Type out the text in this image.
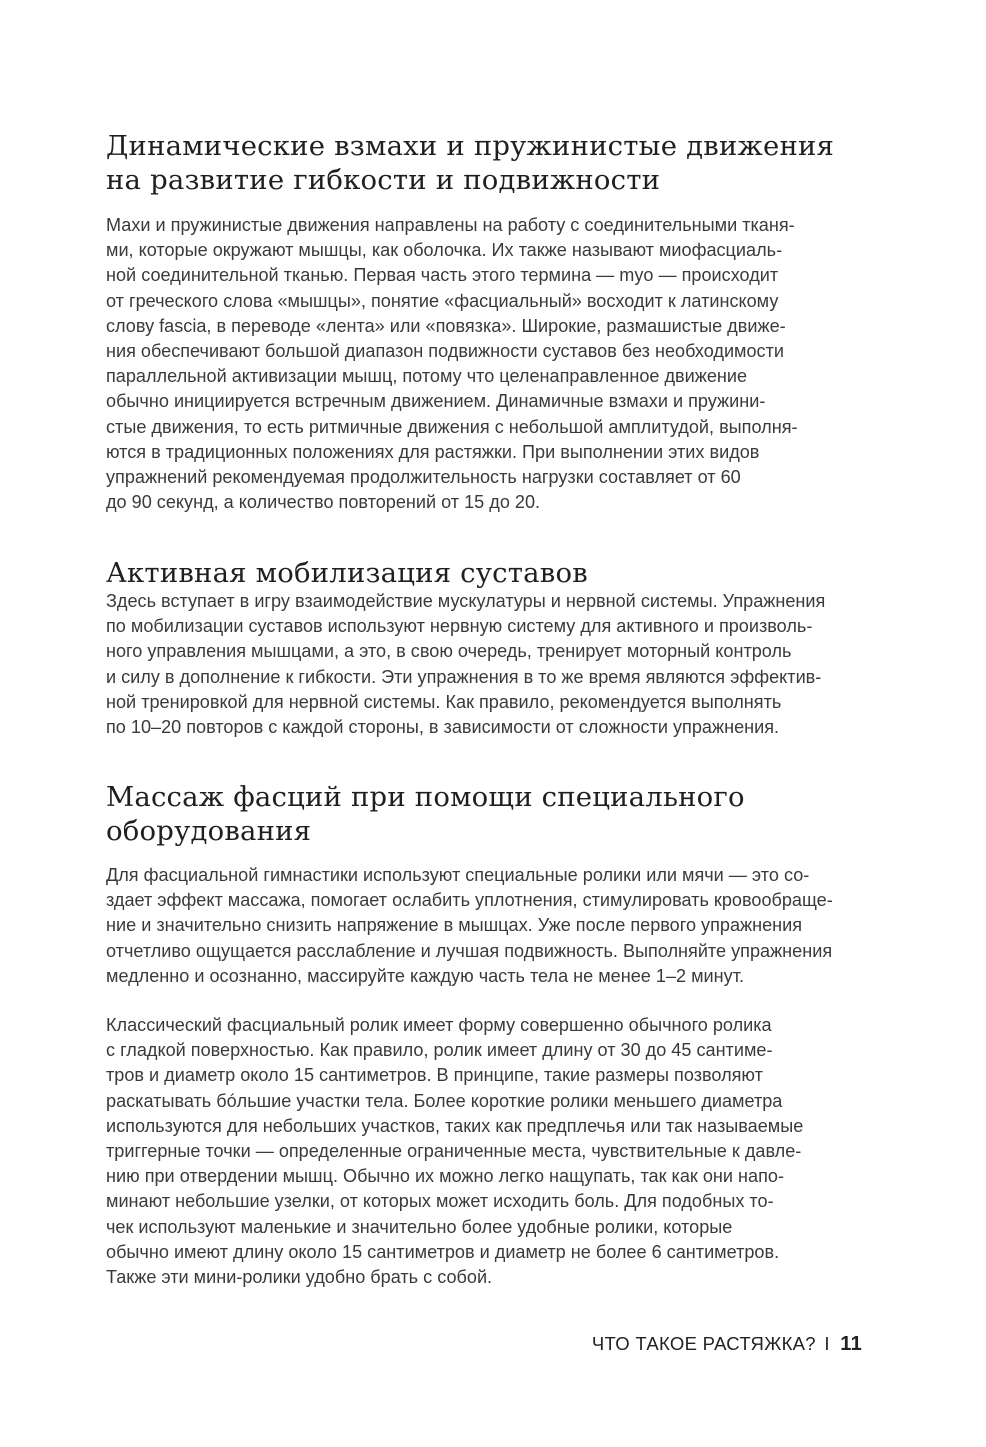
Динамические взмахи и пружинистые движения
на развитие гибкости и подвижности
Махи и пружинистые движения направлены на работу с соединительными тканя-
ми, которые окружают мышцы, как оболочка. Их также называют миофасциаль-
ной соединительной тканью. Первая часть этого термина — myo — происходит
от греческого слова «мышцы», понятие «фасциальный» восходит к латинскому
слову fascia, в переводе «лента» или «повязка». Широкие, размашистые движе-
ния обеспечивают большой диапазон подвижности суставов без необходимости
параллельной активизации мышц, потому что целенаправленное движение
обычно инициируется встречным движением. Динамичные взмахи и пружини-
стые движения, то есть ритмичные движения с небольшой амплитудой, выполня-
ются в традиционных положениях для растяжки. При выполнении этих видов
упражнений рекомендуемая продолжительность нагрузки составляет от 60
до 90 секунд, а количество повторений от 15 до 20.
Активная мобилизация суставов
Здесь вступает в игру взаимодействие мускулатуры и нервной системы. Упражнения
по мобилизации суставов используют нервную систему для активного и произволь-
ного управления мышцами, а это, в свою очередь, тренирует моторный контроль
и силу в дополнение к гибкости. Эти упражнения в то же время являются эффектив-
ной тренировкой для нервной системы. Как правило, рекомендуется выполнять
по 10–20 повторов с каждой стороны, в зависимости от сложности упражнения.
Массаж фасций при помощи специального
оборудования
Для фасциальной гимнастики используют специальные ролики или мячи — это со-
здает эффект массажа, помогает ослабить уплотнения, стимулировать кровообраще-
ние и значительно снизить напряжение в мышцах. Уже после первого упражнения
отчетливо ощущается расслабление и лучшая подвижность. Выполняйте упражнения
медленно и осознанно, массируйте каждую часть тела не менее 1–2 минут.
Классический фасциальный ролик имеет форму совершенно обычного ролика
с гладкой поверхностью. Как правило, ролик имеет длину от 30 до 45 сантиме-
тров и диаметр около 15 сантиметров. В принципе, такие размеры позволяют
раскатывать бóльшие участки тела. Более короткие ролики меньшего диаметра
используются для небольших участков, таких как предплечья или так называемые
триггерные точки — определенные ограниченные места, чувствительные к давле-
нию при отвердении мышц. Обычно их можно легко нащупать, так как они напо-
минают небольшие узелки, от которых может исходить боль. Для подобных то-
чек используют маленькие и значительно более удобные ролики, которые
обычно имеют длину около 15 сантиметров и диаметр не более 6 сантиметров.
Также эти мини-ролики удобно брать с собой.
ЧТО ТАКОЕ РАСТЯЖКА? I 11
